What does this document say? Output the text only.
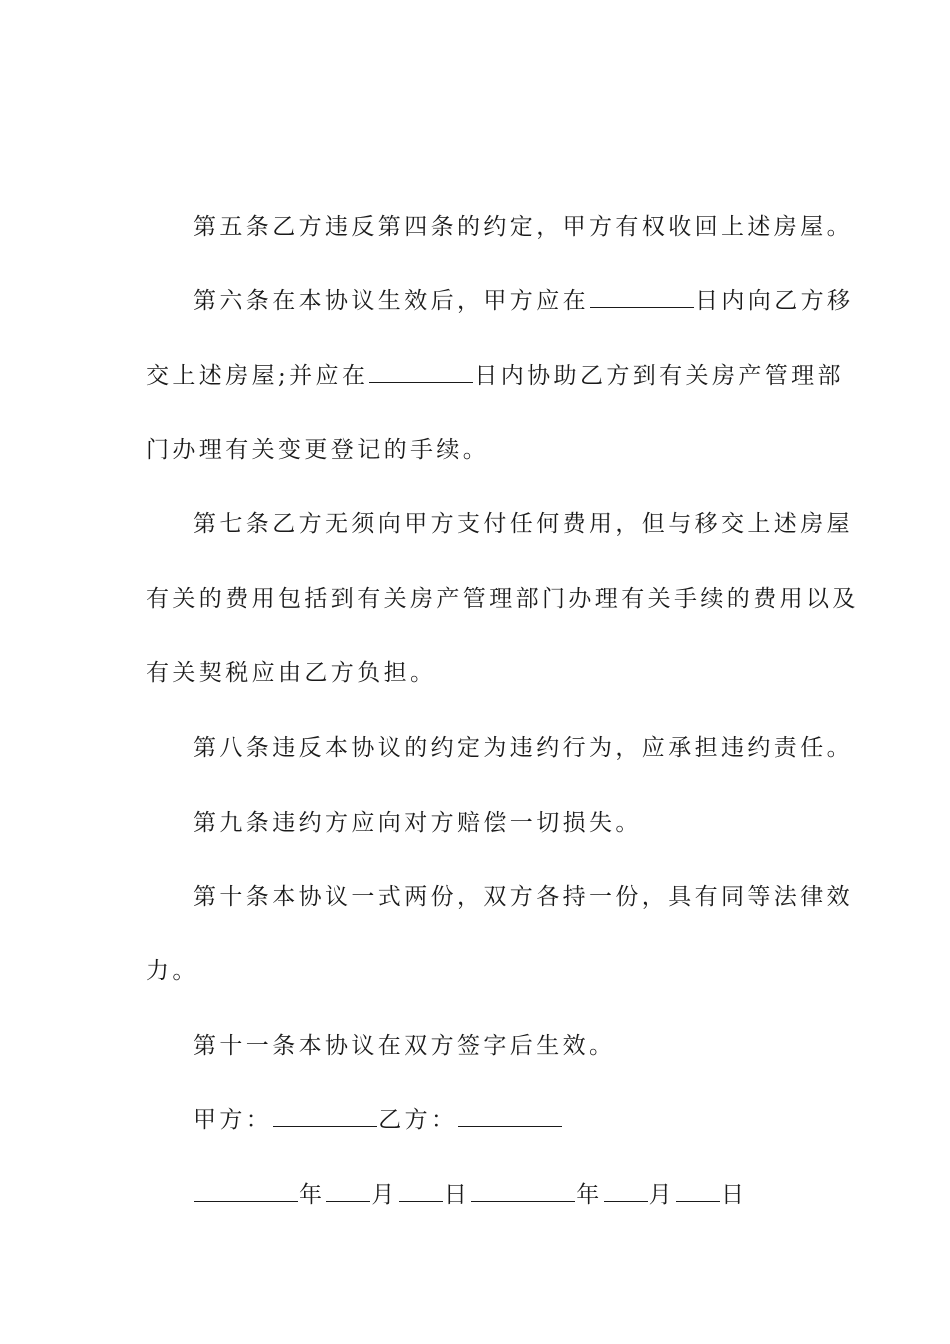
第五条乙方违反第四条的约定，甲方有权收回上述房屋。
第六条在本协议生效后，甲方应在	日内向乙方移
交上述房屋;并应在	日内协助乙方到有关房产管理部
门办理有关变更登记的手续。
第七条乙方无须向甲方支付任何费用，但与移交上述房屋
有关的费用包括到有关房产管理部门办理有关手续的费用以及
有关契税应由乙方负担。
第八条违反本协议的约定为违约行为，应承担违约责任。
第九条违约方应向对方赔偿一切损失。
第十条本协议一式两份，双方各持一份，具有同等法律效
力。
第十一条本协议在双方签字后生效。
甲方：	乙方：
年 月 日	年 月 日
